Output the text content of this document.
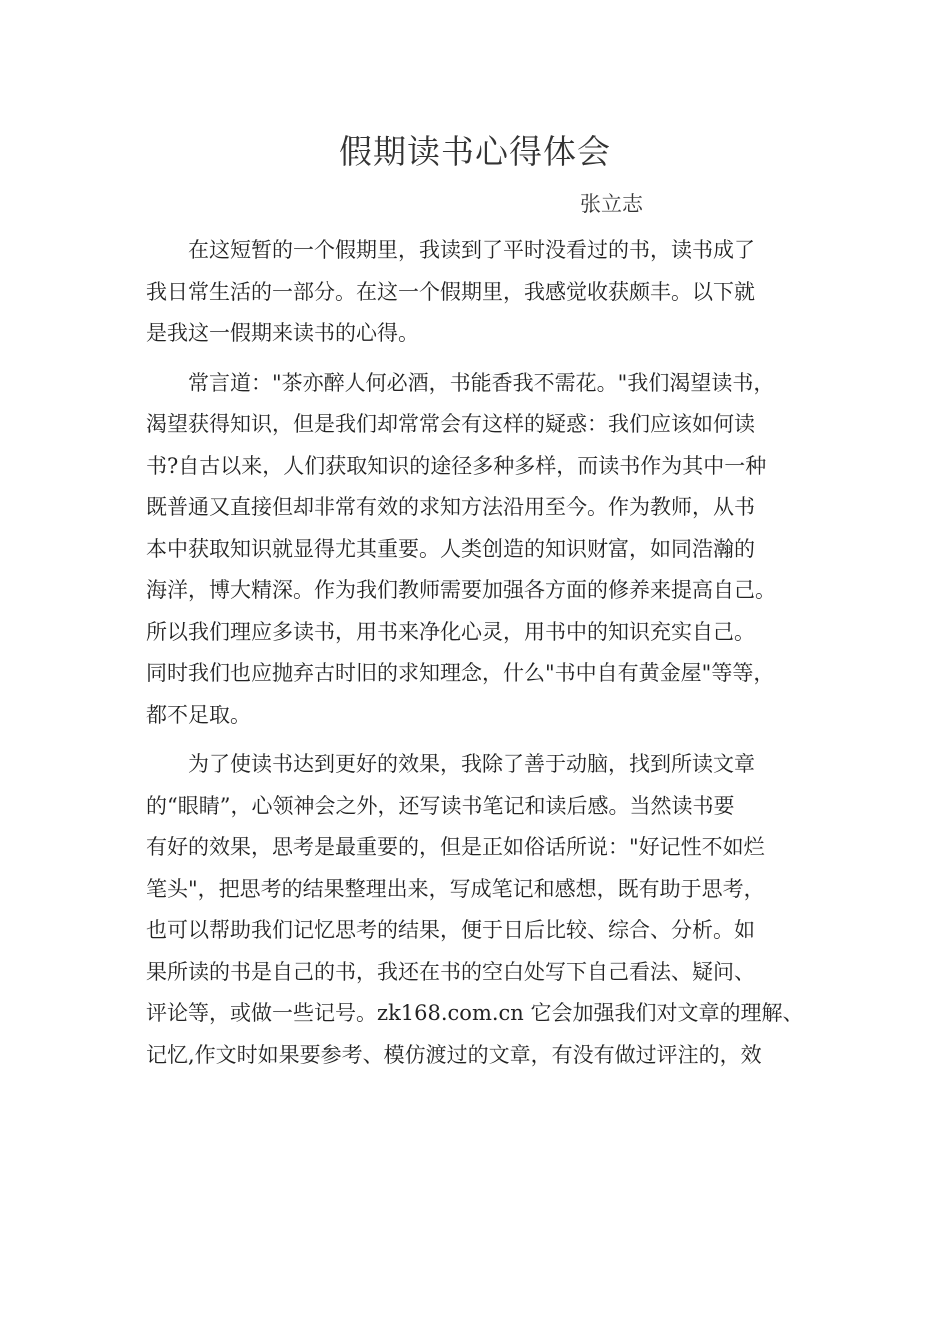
假期读书心得体会
张立志
在这短暂的一个假期里，我读到了平时没看过的书，读书成了
我日常生活的一部分。在这一个假期里，我感觉收获颇丰。以下就
是我这一假期来读书的心得。
常言道："茶亦醉人何必酒，书能香我不需花。"我们渴望读书，
渴望获得知识，但是我们却常常会有这样的疑惑：我们应该如何读
书?自古以来，人们获取知识的途径多种多样，而读书作为其中一种
既普通又直接但却非常有效的求知方法沿用至今。作为教师，从书
本中获取知识就显得尤其重要。人类创造的知识财富，如同浩瀚的
海洋，博大精深。作为我们教师需要加强各方面的修养来提高自己。
所以我们理应多读书，用书来净化心灵，用书中的知识充实自己。
同时我们也应抛弃古时旧的求知理念，什么"书中自有黄金屋"等等，
都不足取。
为了使读书达到更好的效果，我除了善于动脑，找到所读文章
的“眼睛”，心领神会之外，还写读书笔记和读后感。当然读书要
有好的效果，思考是最重要的，但是正如俗话所说："好记性不如烂
笔头"，把思考的结果整理出来，写成笔记和感想，既有助于思考，
也可以帮助我们记忆思考的结果，便于日后比较、综合、分析。如
果所读的书是自己的书，我还在书的空白处写下自己看法、疑问、
评论等，或做一些记号。zk168.com.cn 它会加强我们对文章的理解、
记忆,作文时如果要参考、模仿渡过的文章，有没有做过评注的，效
